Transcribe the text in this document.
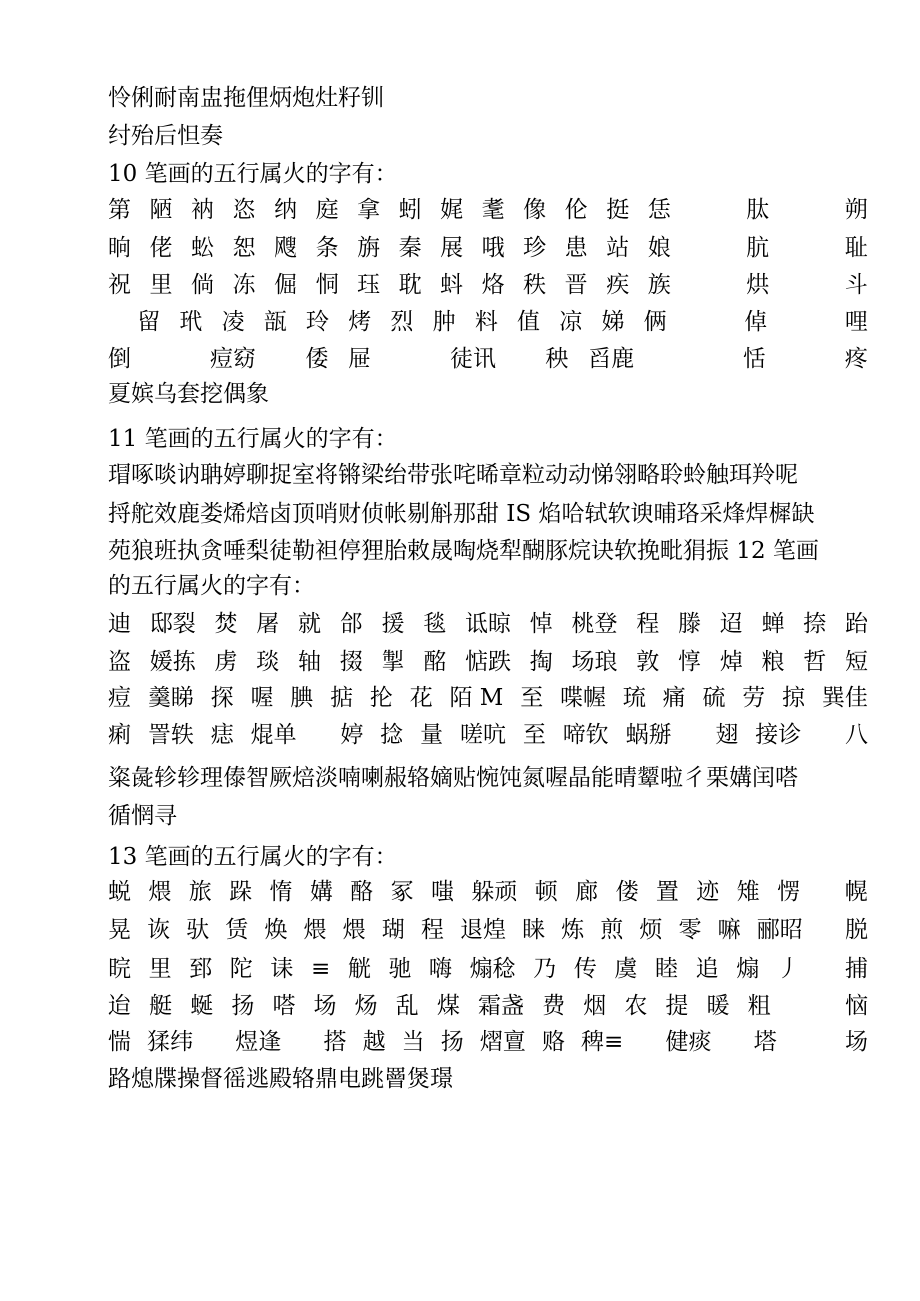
怜俐耐南盅拖俚炳炮灶籽钏
纣殆后怛奏
10 笔画的五行属火的字有：
第 陋 衲 恣 纳 庭 拿 蚓 娓 耄 像 伦 挺 恁	肽	朔
晌 佬 蚣 恕 飕 条 旃 秦 展 哦 珍 患 站 娘	肮	耻
祝 里 倘 冻 倔 恫 珏 耽 蚪 烙 秩 晋 疾 族	烘	斗
留 玳 凌 瓿 玲 烤 烈 肿 料 值 凉 娣 俩	倬	哩
倒	痘窈 倭 屉	徒讯 秧 舀鹿	恬	疼
夏嫔乌套挖偶象
11 笔画的五行属火的字有：
瑁啄啖讷聃婷聊捉室将锵梁绐带张咤晞章粒动动悌翎略聆蛉触珥羚呢
捋舵效鹿娄烯焙卤顶哨财侦帐剔斛那甜 IS 焰哈轼软谀晡珞采烽焊樨缺
苑狼班执贪唾梨徒勒袒停狸胎敕晟啕烧犁醐豚烷诀软挽毗狷振 12 笔画
的五行属火的字有：
迪 邸裂 焚 屠 就 郃 援 毯 诋晾 悼 桃登 程 滕 迢 蝉 捺 跆
盗 媛拣 虏 琰 轴 掇 掣 酩 惦跌 掏 场琅 敦 惇 焯 粮 哲 短
痘 羹睇 探 喔 腆 掂 抡 花 陌 M 至 喋幄 琉 痛 硫 劳 掠 巽佳
痢 詈轶 痣 焜单 婷 捻 量 嗟吭 至 啼钦 蜗掰 翅 接诊 八
粢彘轸轸理傣智厥焙淡喃喇赧辂嫡贴惋饨氮喔晶能晴颦啦彳栗媾闰嗒
循惘寻
13 笔画的五行属火的字有：
蜕 煨 旅 跺 惰 媾 酪 冢 嗤 躲顽 顿 廊 偻 置 迹 雉 愣 幌
晃 诙 驮 赁 焕 煨 煨 瑚 程 退煌 睐 炼 煎 烦 零 嘛 郦昭 脱
晥 里 郅 陀 诔 ≡ 觥 驰 嗨 煽稔 乃 传 虞 睦 追 煽 丿 捕
迨 艇 蜒 扬 嗒 场 炀 乱 煤 霜盏 费 烟 农 提 暖 粗	恼
惴 猱纬 煜逢 搭 越 当 扬 熠亶 赂 稗≡ 健痰 塔	场
路熄牒操督徭逃殿辂鼎电跳罾煲璟
